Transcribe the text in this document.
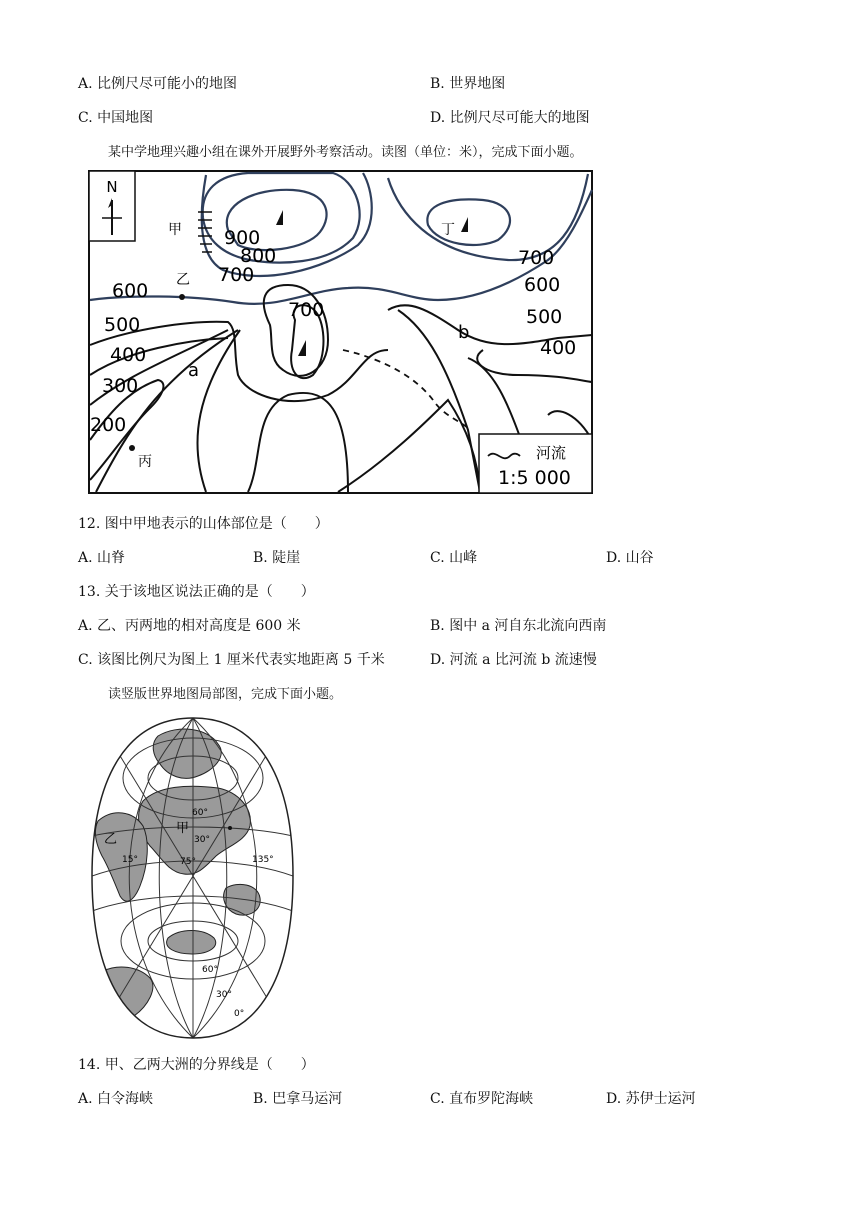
A. 比例尺尽可能小的地图	B. 世界地图
C. 中国地图	D. 比例尺尽可能大的地图
某中学地理兴趣小组在课外开展野外考察活动。读图（单位：米），完成下面小题。
N
甲
乙
丙
丁
a
b
900
800
700
700
700
600	600
500	500
400	400
300
200
河流
1:5 000
12. 图中甲地表示的山体部位是（　　）
A. 山脊	B. 陡崖	C. 山峰	D. 山谷
13. 关于该地区说法正确的是（　　）
A. 乙、丙两地的相对高度是 600 米	B. 图中 a 河自东北流向西南
C. 该图比例尺为图上 1 厘米代表实地距离 5 千米	D. 河流 a 比河流 b 流速慢
读竖版世界地图局部图，完成下面小题。
甲
乙
60°
30°
15°	75°	135°
60°
30°
0°
14. 甲、乙两大洲的分界线是（　　）
A. 白令海峡	B. 巴拿马运河	C. 直布罗陀海峡	D. 苏伊士运河
